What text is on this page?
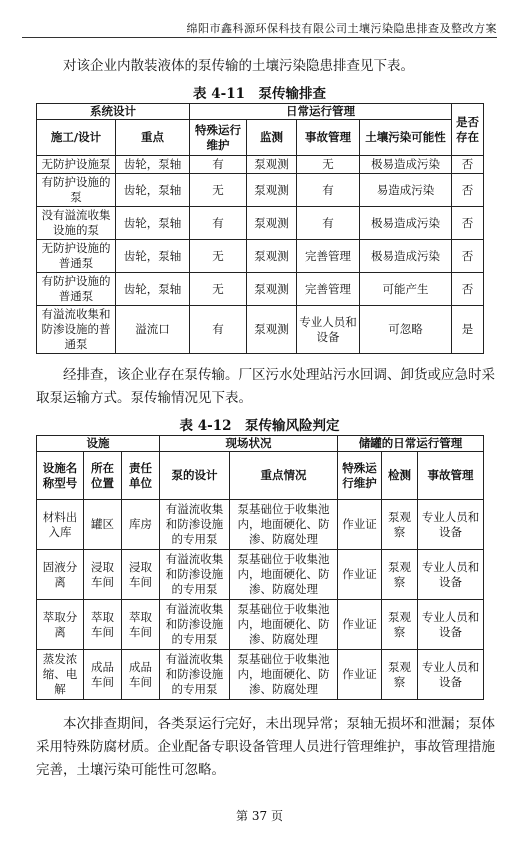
绵阳市鑫科源环保科技有限公司土壤污染隐患排查及整改方案
对该企业内散装液体的泵传输的土壤污染隐患排查见下表。
表 4-11　泵传输排查
系统设计		日常运行管理				是否存在
施工/设计	重点	特殊运行维护	监测	事故管理	土壤污染可能性	
无防护设施泵	齿轮，泵轴	有	泵观测	无	极易造成污染	否
有防护设施的泵	齿轮，泵轴	无	泵观测	有	易造成污染	否
没有溢流收集设施的泵	齿轮，泵轴	有	泵观测	有	极易造成污染	否
无防护设施的普通泵	齿轮，泵轴	无	泵观测	完善管理	极易造成污染	否
有防护设施的普通泵	齿轮，泵轴	无	泵观测	完善管理	可能产生	否
有溢流收集和防渗设施的普通泵	溢流口	有	泵观测	专业人员和设备	可忽略	是
经排查，该企业存在泵传输。厂区污水处理站污水回调、卸货或应急时采取泵运输方式。泵传输情况见下表。
表 4-12　泵传输风险判定
设施			现场状况		储罐的日常运行管理		
设施名称型号	所在位置	责任单位	泵的设计	重点情况	特殊运行维护	检测	事故管理
材料出入库	罐区	库房	有溢流收集和防渗设施的专用泵	泵基础位于收集池内，地面硬化、防渗、防腐处理	作业证	泵观察	专业人员和设备
固液分离	浸取车间	浸取车间	有溢流收集和防渗设施的专用泵	泵基础位于收集池内，地面硬化、防渗、防腐处理	作业证	泵观察	专业人员和设备
萃取分离	萃取车间	萃取车间	有溢流收集和防渗设施的专用泵	泵基础位于收集池内，地面硬化、防渗、防腐处理	作业证	泵观察	专业人员和设备
蒸发浓缩、电解	成品车间	成品车间	有溢流收集和防渗设施的专用泵	泵基础位于收集池内，地面硬化、防渗、防腐处理	作业证	泵观察	专业人员和设备
本次排查期间，各类泵运行完好，未出现异常；泵轴无损坏和泄漏；泵体采用特殊防腐材质。企业配备专职设备管理人员进行管理维护，事故管理措施完善，土壤污染可能性可忽略。
第 37 页
